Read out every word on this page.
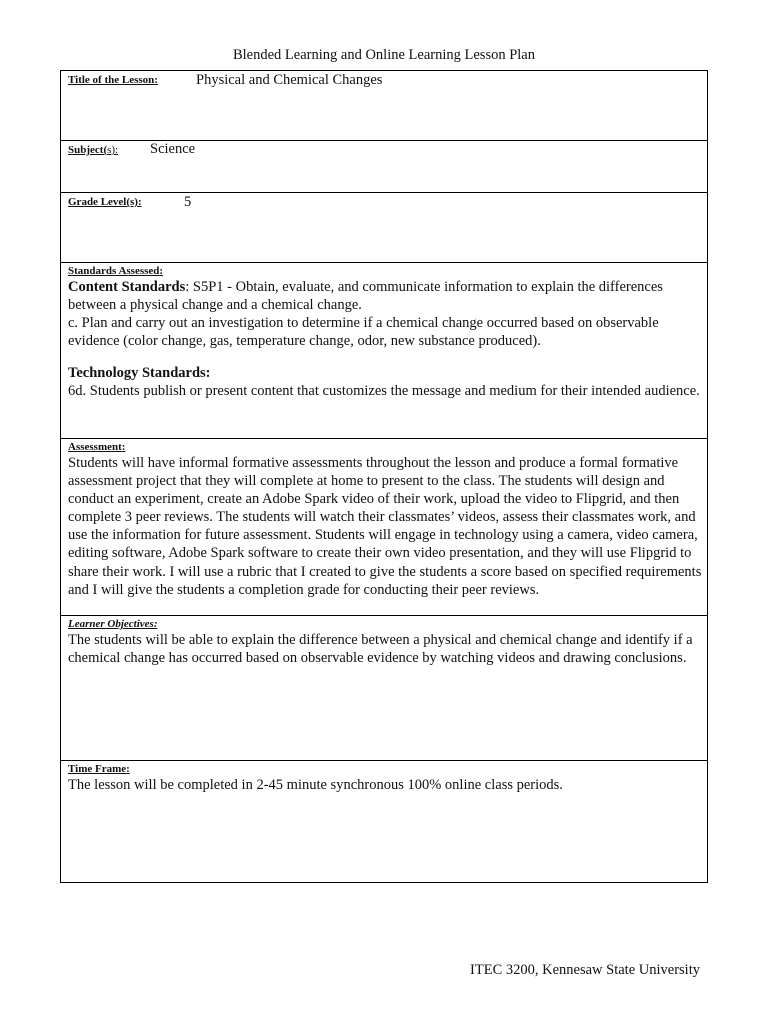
Blended Learning and Online Learning Lesson Plan
Title of the Lesson:	Physical and Chemical Changes
Subject(s): Science
Grade Level(s):	5
Standards Assessed:

Content Standards: S5P1 - Obtain, evaluate, and communicate information to explain the differences between a physical change and a chemical change.

c. Plan and carry out an investigation to determine if a chemical change occurred based on observable evidence (color change, gas, temperature change, odor, new substance produced).

Technology Standards:

6d. Students publish or present content that customizes the message and medium for their intended audience.

Assessment:

Students will have informal formative assessments throughout the lesson and produce a formal formative assessment project that they will complete at home to present to the class. The students will design and conduct an experiment, create an Adobe Spark video of their work, upload the video to Flipgrid, and then complete 3 peer reviews. The students will watch their classmates’ videos, assess their classmates work, and use the information for future assessment. Students will engage in technology using a camera, video camera, editing software, Adobe Spark software to create their own video presentation, and they will use Flipgrid to share their work. I will use a rubric that I created to give the students a score based on specified requirements and I will give the students a completion grade for conducting their peer reviews.

Learner Objectives:

The students will be able to explain the difference between a physical and chemical change and identify if a chemical change has occurred based on observable evidence by watching videos and drawing conclusions.

Time Frame:

The lesson will be completed in 2-45 minute synchronous 100% online class periods.

ITEC 3200, Kennesaw State University
